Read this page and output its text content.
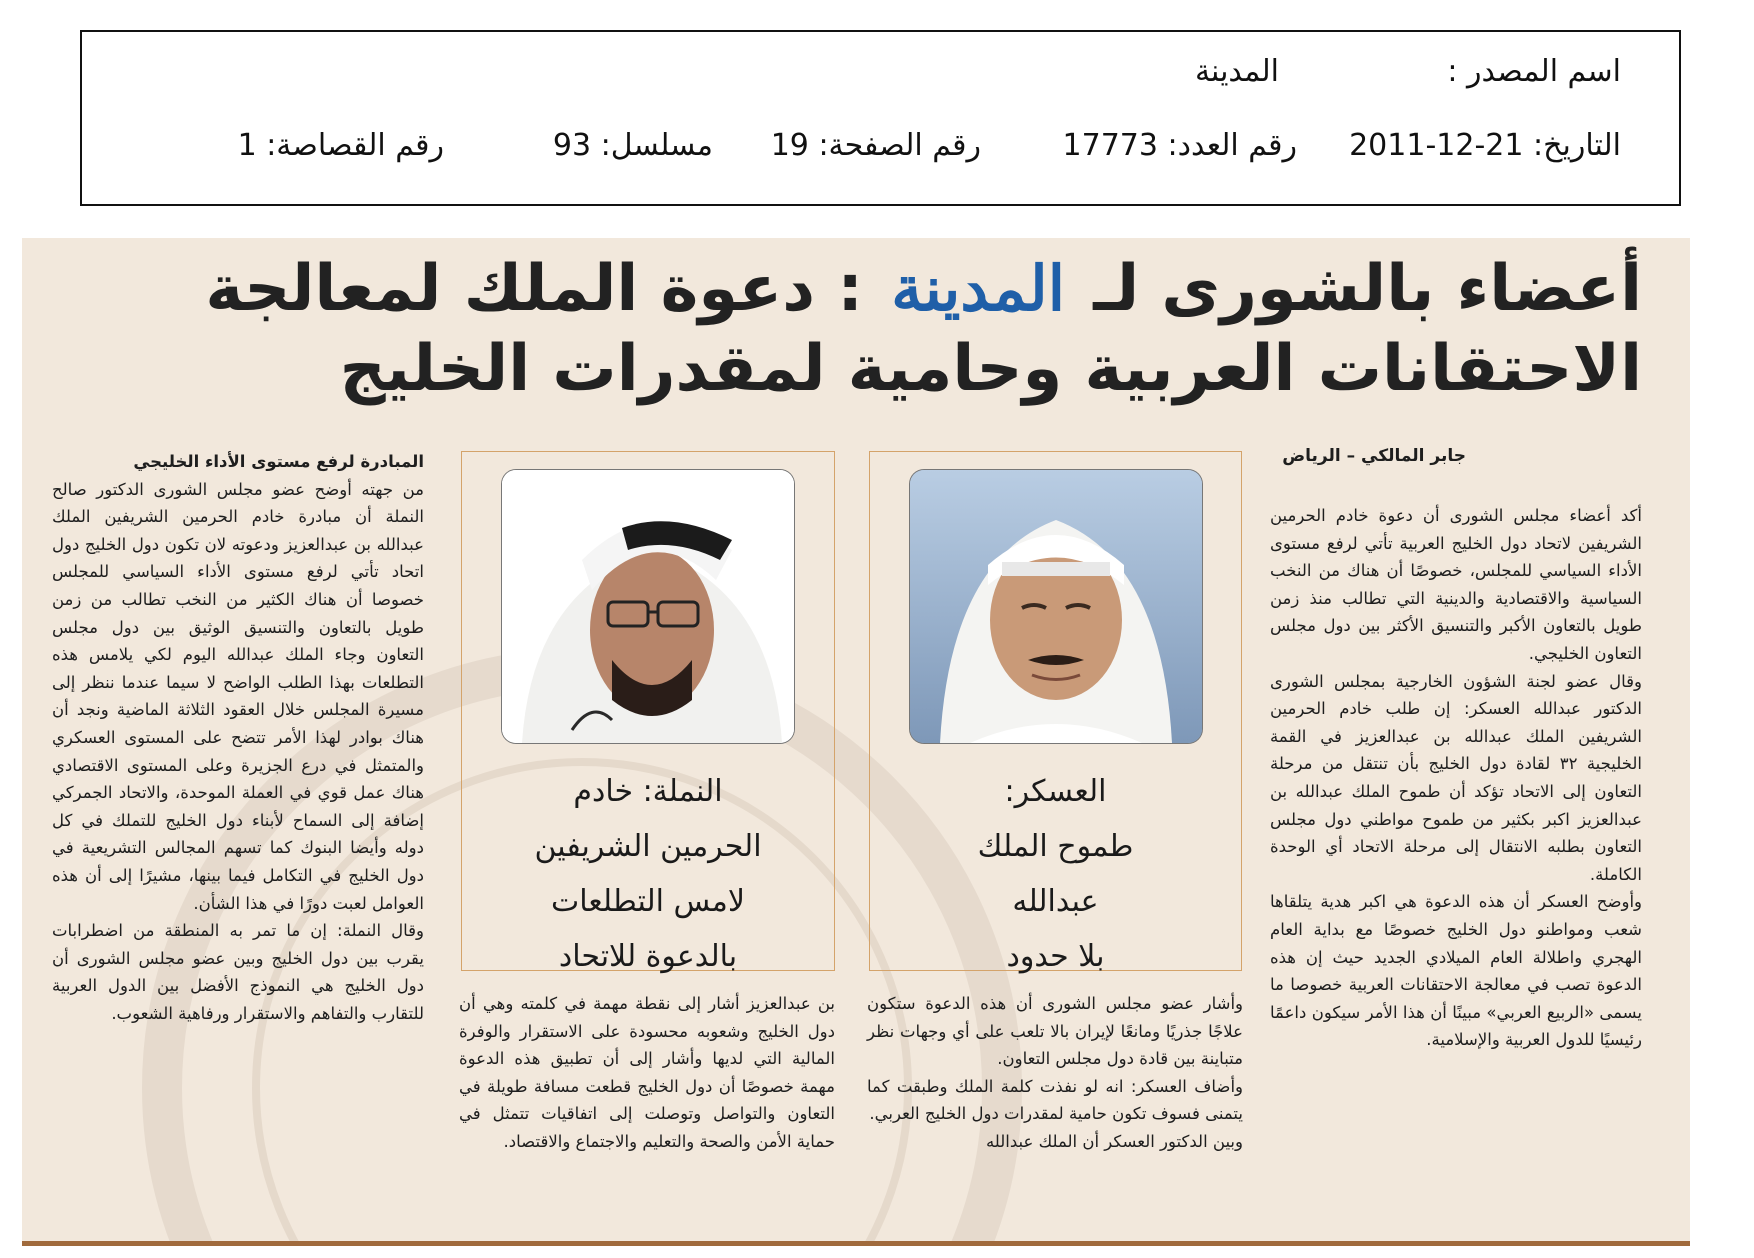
اسم المصدر :
المدينة
التاريخ: 21-12-2011
رقم العدد: 17773
رقم الصفحة: 19
مسلسل: 93
رقم القصاصة: 1
أعضاء بالشورى لـ المدينة : دعوة الملك لمعالجة
الاحتقانات العربية وحامية لمقدرات الخليج
جابر المالكي – الرياض

أكد أعضاء مجلس الشورى أن دعوة خادم الحرمين الشريفين لاتحاد دول الخليج العربية تأتي لرفع مستوى الأداء السياسي للمجلس، خصوصًا أن هناك من النخب السياسية والاقتصادية والدينية التي تطالب منذ زمن طويل بالتعاون الأكبر والتنسيق الأكثر بين دول مجلس التعاون الخليجي.

وقال عضو لجنة الشؤون الخارجية بمجلس الشورى الدكتور عبدالله العسكر: إن طلب خادم الحرمين الشريفين الملك عبدالله بن عبدالعزيز في القمة الخليجية ٣٢ لقادة دول الخليج بأن تنتقل من مرحلة التعاون إلى الاتحاد تؤكد أن طموح الملك عبدالله بن عبدالعزيز اكبر بكثير من طموح مواطني دول مجلس التعاون بطلبه الانتقال إلى مرحلة الاتحاد أي الوحدة الكاملة.

وأوضح العسكر أن هذه الدعوة هي اكبر هدية يتلقاها شعب ومواطنو دول الخليج خصوصًا مع بداية العام الهجري واطلالة العام الميلادي الجديد حيث إن هذه الدعوة تصب في معالجة الاحتقانات العربية خصوصا ما يسمى «الربيع العربي» مبينًا أن هذا الأمر سيكون داعمًا رئيسيًا للدول العربية والإسلامية.

العسكر:
طموح الملك
عبدالله
بلا حدود
النملة: خادم
الحرمين الشريفين
لامس التطلعات
بالدعوة للاتحاد

وأشار عضو مجلس الشورى أن هذه الدعوة ستكون علاجًا جذريًا ومانعًا لإيران بالا تلعب على أي وجهات نظر متباينة بين قادة دول مجلس التعاون.

وأضاف العسكر: انه لو نفذت كلمة الملك وطبقت كما يتمنى فسوف تكون حامية لمقدرات دول الخليج العربي.

وبين الدكتور العسكر أن الملك عبدالله

بن عبدالعزيز أشار إلى نقطة مهمة في كلمته وهي أن دول الخليج وشعوبه محسودة على الاستقرار والوفرة المالية التي لديها وأشار إلى أن تطبيق هذه الدعوة مهمة خصوصًا أن دول الخليج قطعت مسافة طويلة في التعاون والتواصل وتوصلت إلى اتفاقيات تتمثل في حماية الأمن والصحة والتعليم والاجتماع والاقتصاد.

المبادرة لرفع مستوى الأداء الخليجي

من جهته أوضح عضو مجلس الشورى الدكتور صالح النملة أن مبادرة خادم الحرمين الشريفين الملك عبدالله بن عبدالعزيز ودعوته لان تكون دول الخليج دول اتحاد تأتي لرفع مستوى الأداء السياسي للمجلس خصوصا أن هناك الكثير من النخب تطالب من زمن طويل بالتعاون والتنسيق الوثيق بين دول مجلس التعاون وجاء الملك عبدالله اليوم لكي يلامس هذه التطلعات بهذا الطلب الواضح لا سيما عندما ننظر إلى مسيرة المجلس خلال العقود الثلاثة الماضية ونجد أن هناك بوادر لهذا الأمر تتضح على المستوى العسكري والمتمثل في درع الجزيرة وعلى المستوى الاقتصادي هناك عمل قوي في العملة الموحدة، والاتحاد الجمركي إضافة إلى السماح لأبناء دول الخليج للتملك في كل دوله وأيضا البنوك كما تسهم المجالس التشريعية في دول الخليج في التكامل فيما بينها، مشيرًا إلى أن هذه العوامل لعبت دورًا في هذا الشأن.

وقال النملة: إن ما تمر به المنطقة من اضطرابات يقرب بين دول الخليج وبين عضو مجلس الشورى أن دول الخليج هي النموذج الأفضل بين الدول العربية للتقارب والتفاهم والاستقرار ورفاهية الشعوب.
